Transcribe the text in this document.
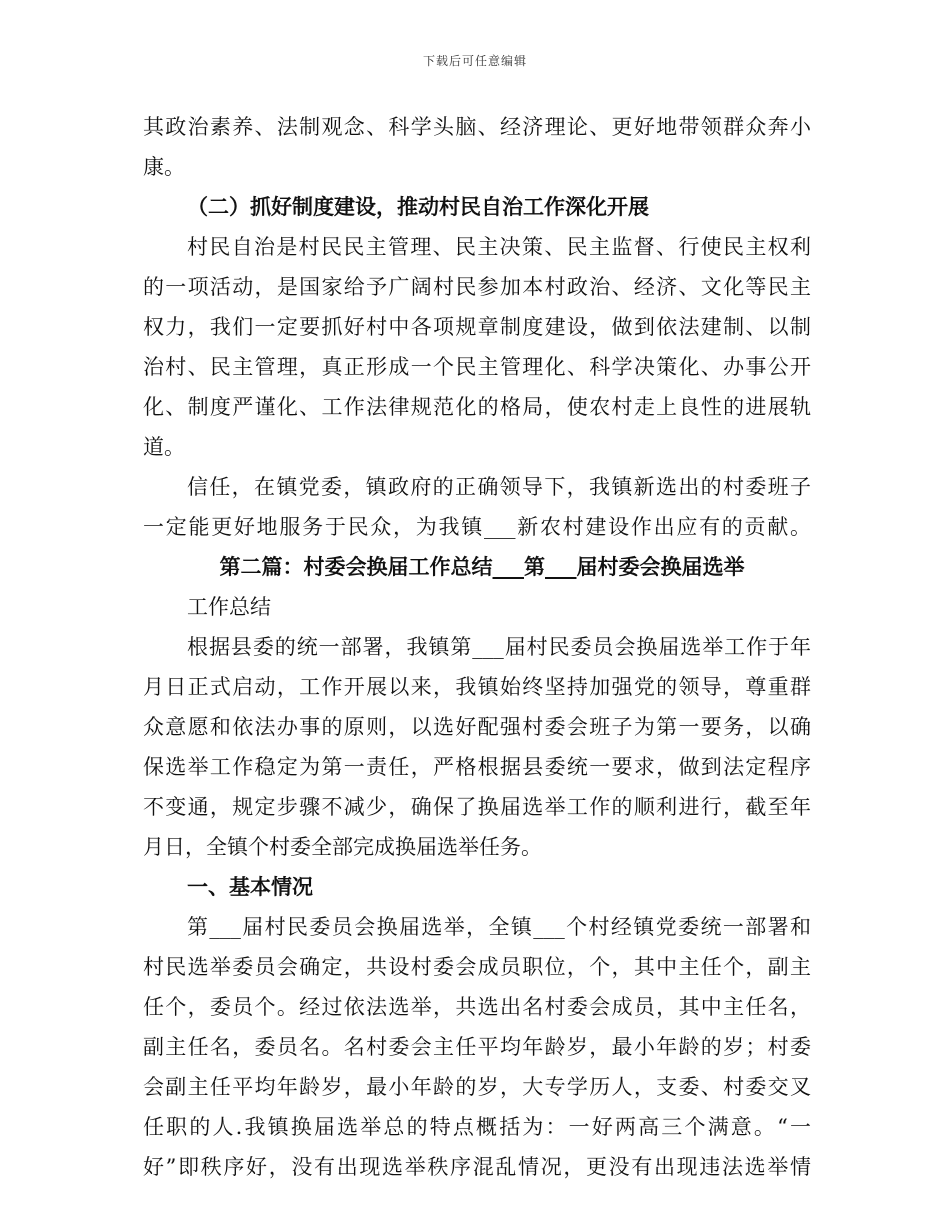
下载后可任意编辑
其政治素养、法制观念、科学头脑、经济理论、更好地带领群众奔小
康。
（二）抓好制度建设，推动村民自治工作深化开展
村民自治是村民民主管理、民主决策、民主监督、行使民主权利
的一项活动，是国家给予广阔村民参加本村政治、经济、文化等民主
权力，我们一定要抓好村中各项规章制度建设，做到依法建制、以制
治村、民主管理，真正形成一个民主管理化、科学决策化、办事公开
化、制度严谨化、工作法律规范化的格局，使农村走上良性的进展轨
道。
信任，在镇党委，镇政府的正确领导下，我镇新选出的村委班子
一定能更好地服务于民众，为我镇___新农村建设作出应有的贡献。
第二篇：村委会换届工作总结___第___届村委会换届选举
工作总结
根据县委的统一部署，我镇第___届村民委员会换届选举工作于年
月日正式启动，工作开展以来，我镇始终坚持加强党的领导，尊重群
众意愿和依法办事的原则，以选好配强村委会班子为第一要务，以确
保选举工作稳定为第一责任，严格根据县委统一要求，做到法定程序
不变通，规定步骤不减少，确保了换届选举工作的顺利进行，截至年
月日，全镇个村委全部完成换届选举任务。
一、基本情况
第___届村民委员会换届选举，全镇___个村经镇党委统一部署和
村民选举委员会确定，共设村委会成员职位，个，其中主任个，副主
任个，委员个。经过依法选举，共选出名村委会成员，其中主任名，
副主任名，委员名。名村委会主任平均年龄岁，最小年龄的岁；村委
会副主任平均年龄岁，最小年龄的岁，大专学历人，支委、村委交叉
任职的人.我镇换届选举总的特点概括为：一好两高三个满意。“一
好”即秩序好，没有出现选举秩序混乱情况，更没有出现违法选举情
